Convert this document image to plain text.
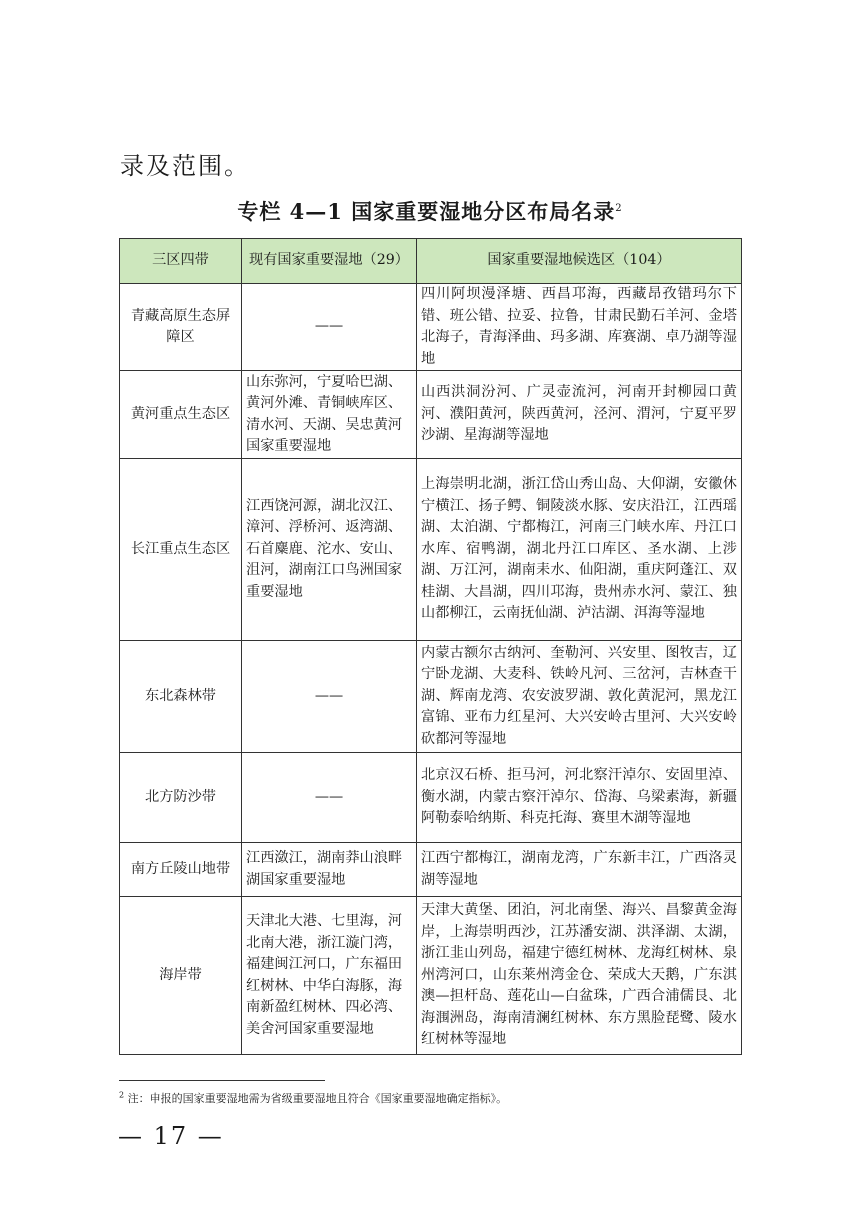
录及范围。
专栏 4—1 国家重要湿地分区布局名录$^2$
三区四带	现有国家重要湿地（29）	国家重要湿地候选区（104）
青藏高原生态屏障区	——	四川阿坝漫泽塘、西昌邛海，西藏昂孜错玛尔下错、班公错、拉妥、拉鲁，甘肃民勤石羊河、金塔北海子，青海泽曲、玛多湖、库赛湖、卓乃湖等湿地
黄河重点生态区	山东弥河，宁夏哈巴湖、黄河外滩、青铜峡库区、清水河、天湖、吴忠黄河国家重要湿地	山西洪洞汾河、广灵壶流河，河南开封柳园口黄河、濮阳黄河，陕西黄河，泾河、渭河，宁夏平罗沙湖、星海湖等湿地
长江重点生态区	江西饶河源，湖北汉江、漳河、浮桥河、返湾湖、石首麋鹿、沱水、安山、沮河，湖南江口鸟洲国家重要湿地	上海崇明北湖，浙江岱山秀山岛、大仰湖，安徽休宁横江、扬子鳄、铜陵淡水豚、安庆沿江，江西瑶湖、太泊湖、宁都梅江，河南三门峡水库、丹江口水库、宿鸭湖，湖北丹江口库区、圣水湖、上涉湖、万江河，湖南耒水、仙阳湖，重庆阿蓬江、双桂湖、大昌湖，四川邛海，贵州赤水河、蒙江、独山都柳江，云南抚仙湖、泸沽湖、洱海等湿地
东北森林带	——	内蒙古额尔古纳河、奎勒河、兴安里、图牧吉，辽宁卧龙湖、大麦科、铁岭凡河、三岔河，吉林查干湖、辉南龙湾、农安波罗湖、敦化黄泥河，黑龙江富锦、亚布力红星河、大兴安岭古里河、大兴安岭砍都河等湿地
北方防沙带	——	北京汉石桥、拒马河，河北察汗淖尔、安固里淖、衡水湖，内蒙古察汗淖尔、岱海、乌梁素海，新疆阿勒泰哈纳斯、科克托海、赛里木湖等湿地
南方丘陵山地带	江西潋江，湖南莽山浪畔湖国家重要湿地	江西宁都梅江，湖南龙湾，广东新丰江，广西洛灵湖等湿地
海岸带	天津北大港、七里海，河北南大港，浙江漩门湾，福建闽江河口，广东福田红树林、中华白海豚，海南新盈红树林、四必湾、美舍河国家重要湿地	天津大黄堡、团泊，河北南堡、海兴、昌黎黄金海岸，上海崇明西沙，江苏潘安湖、洪泽湖、太湖，浙江韭山列岛，福建宁德红树林、龙海红树林、泉州湾河口，山东莱州湾金仓、荣成大天鹅，广东淇澳—担杆岛、莲花山—白盆珠，广西合浦儒艮、北海涠洲岛，海南清澜红树林、东方黑脸琵鹭、陵水红树林等湿地
$^2$ 注：申报的国家重要湿地需为省级重要湿地且符合《国家重要湿地确定指标》。
— 17 —
